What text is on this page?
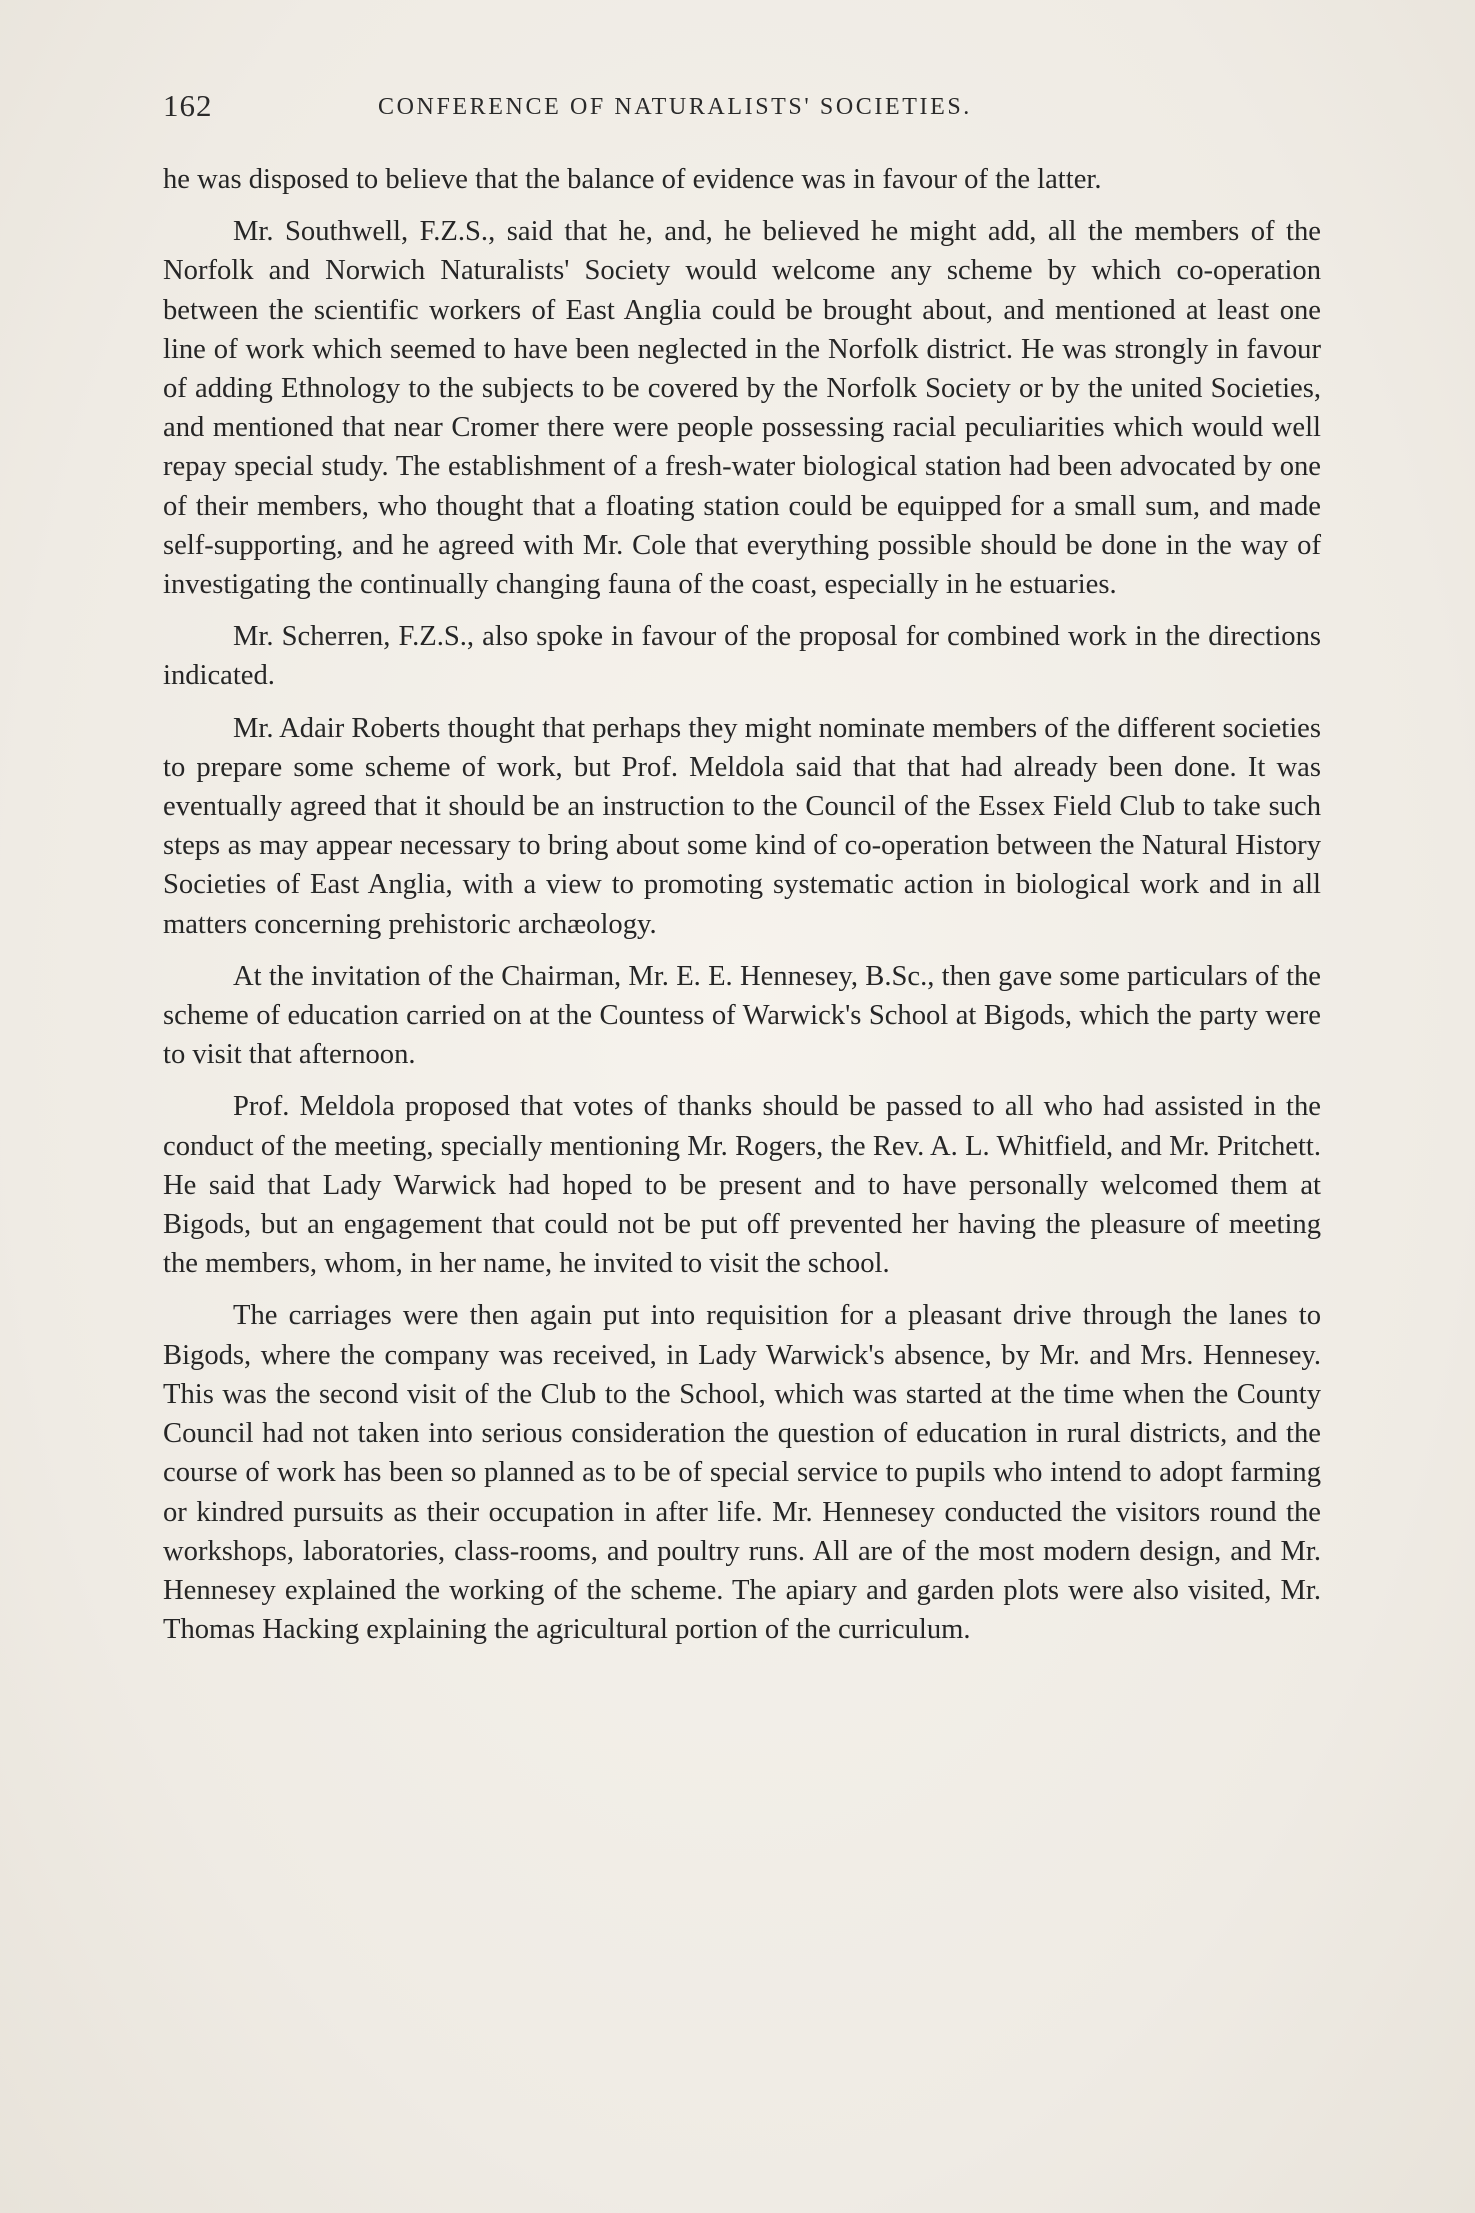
162	CONFERENCE OF NATURALISTS' SOCIETIES.

he was disposed to believe that the balance of evidence was in favour of the latter.

Mr. Southwell, F.Z.S., said that he, and, he believed he might add, all the members of the Norfolk and Norwich Naturalists' Society would welcome any scheme by which co-operation between the scientific workers of East Anglia could be brought about, and mentioned at least one line of work which seemed to have been neglected in the Norfolk district. He was strongly in favour of adding Ethnology to the subjects to be covered by the Norfolk Society or by the united Societies, and mentioned that near Cromer there were people possessing racial peculiarities which would well repay special study. The establishment of a fresh-water biological station had been advocated by one of their members, who thought that a floating station could be equipped for a small sum, and made self-supporting, and he agreed with Mr. Cole that everything possible should be done in the way of investigating the continually changing fauna of the coast, especially in he estuaries.

Mr. Scherren, F.Z.S., also spoke in favour of the proposal for combined work in the directions indicated.

Mr. Adair Roberts thought that perhaps they might nominate members of the different societies to prepare some scheme of work, but Prof. Meldola said that that had already been done. It was eventually agreed that it should be an instruction to the Council of the Essex Field Club to take such steps as may appear necessary to bring about some kind of co-operation between the Natural History Societies of East Anglia, with a view to promoting systematic action in biological work and in all matters concerning prehistoric archæology.

At the invitation of the Chairman, Mr. E. E. Hennesey, B.Sc., then gave some particulars of the scheme of education carried on at the Countess of Warwick's School at Bigods, which the party were to visit that afternoon.

Prof. Meldola proposed that votes of thanks should be passed to all who had assisted in the conduct of the meeting, specially mentioning Mr. Rogers, the Rev. A. L. Whitfield, and Mr. Pritchett. He said that Lady Warwick had hoped to be present and to have personally welcomed them at Bigods, but an engagement that could not be put off prevented her having the pleasure of meeting the members, whom, in her name, he invited to visit the school.

The carriages were then again put into requisition for a pleasant drive through the lanes to Bigods, where the company was received, in Lady Warwick's absence, by Mr. and Mrs. Hennesey. This was the second visit of the Club to the School, which was started at the time when the County Council had not taken into serious consideration the question of education in rural districts, and the course of work has been so planned as to be of special service to pupils who intend to adopt farming or kindred pursuits as their occupation in after life. Mr. Hennesey conducted the visitors round the workshops, laboratories, class-rooms, and poultry runs. All are of the most modern design, and Mr. Hennesey explained the working of the scheme. The apiary and garden plots were also visited, Mr. Thomas Hacking explaining the agricultural portion of the curriculum.
